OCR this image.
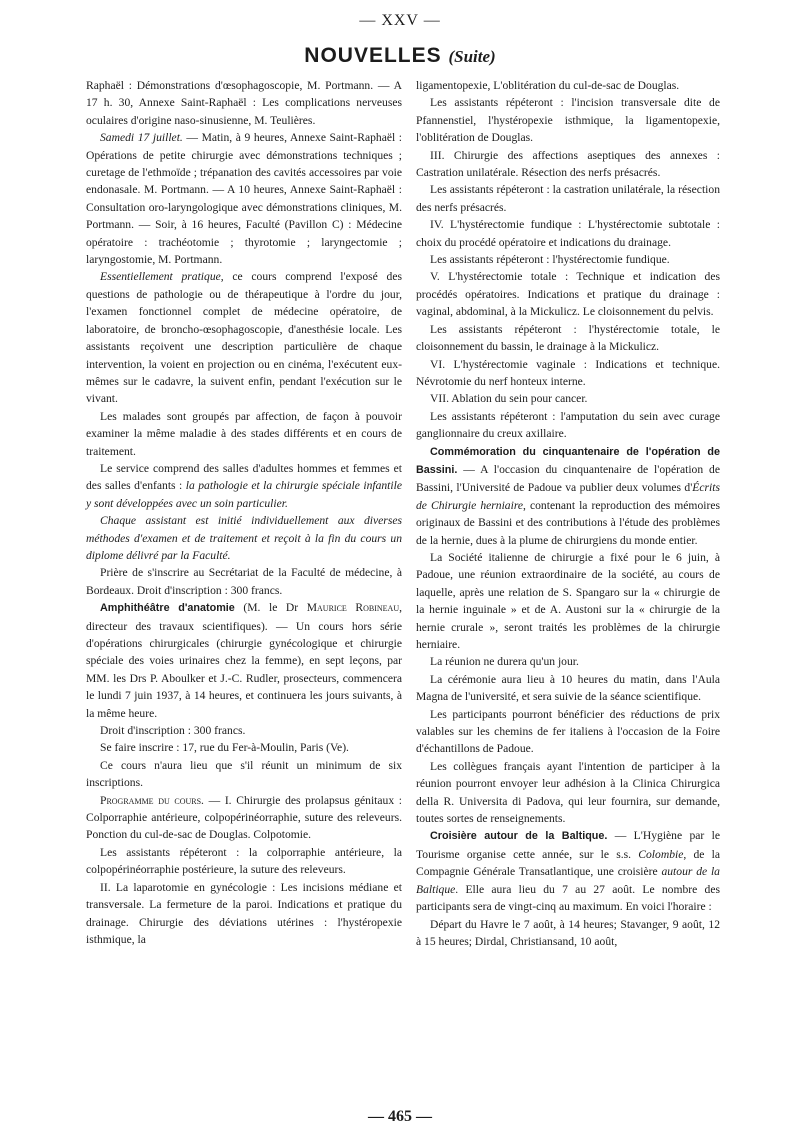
— XXV —
NOUVELLES (Suite)

Raphaël : Démonstrations d'œsophagoscopie, M. Portmann. — A 17 h. 30, Annexe Saint-Raphaël : Les complications nerveuses oculaires d'origine naso-sinusienne, M. Teulières.

Samedi 17 juillet. — Matin, à 9 heures, Annexe Saint-Raphaël : Opérations de petite chirurgie avec démonstrations techniques ; curetage de l'ethmoïde ; trépanation des cavités accessoires par voie endonasale. M. Portmann. — A 10 heures, Annexe Saint-Raphaël : Consultation oro-laryngologique avec démonstrations cliniques, M. Portmann. — Soir, à 16 heures, Faculté (Pavillon C) : Médecine opératoire : trachéotomie ; thyrotomie ; laryngectomie ; laryngostomie, M. Portmann.

Essentiellement pratique, ce cours comprend l'exposé des questions de pathologie ou de thérapeutique à l'ordre du jour, l'examen fonctionnel complet de médecine opératoire, de laboratoire, de broncho-œsophagoscopie, d'anesthésie locale. Les assistants reçoivent une description particulière de chaque intervention, la voient en projection ou en cinéma, l'exécutent eux-mêmes sur le cadavre, la suivent enfin, pendant l'exécution sur le vivant.

Les malades sont groupés par affection, de façon à pouvoir examiner la même maladie à des stades différents et en cours de traitement.

Le service comprend des salles d'adultes hommes et femmes et des salles d'enfants : la pathologie et la chirurgie spéciale infantile y sont développées avec un soin particulier.

Chaque assistant est initié individuellement aux diverses méthodes d'examen et de traitement et reçoit à la fin du cours un diplome délivré par la Faculté.

Prière de s'inscrire au Secrétariat de la Faculté de médecine, à Bordeaux. Droit d'inscription : 300 francs.

Amphithéâtre d'anatomie (M. le Dr Maurice Robineau, directeur des travaux scientifiques). — Un cours hors série d'opérations chirurgicales (chirurgie gynécologique et chirurgie spéciale des voies urinaires chez la femme), en sept leçons, par MM. les Drs P. Aboulker et J.-C. Rudler, prosecteurs, commencera le lundi 7 juin 1937, à 14 heures, et continuera les jours suivants, à la même heure.

Droit d'inscription : 300 francs.

Se faire inscrire : 17, rue du Fer-à-Moulin, Paris (Ve).

Ce cours n'aura lieu que s'il réunit un minimum de six inscriptions.

Programme du cours. — I. Chirurgie des prolapsus génitaux : Colporraphie antérieure, colpopérinéorraphie, suture des releveurs. Ponction du cul-de-sac de Douglas. Colpotomie.

Les assistants répéteront : la colporraphie antérieure, la colpopérinéorraphie postérieure, la suture des releveurs.

II. La laparotomie en gynécologie : Les incisions médiane et transversale. La fermeture de la paroi. Indications et pratique du drainage. Chirurgie des déviations utérines : l'hystéropexie isthmique, la

ligamentopexie, L'oblitération du cul-de-sac de Douglas.

Les assistants répéteront : l'incision transversale dite de Pfannenstiel, l'hystéropexie isthmique, la ligamentopexie, l'oblitération de Douglas.

III. Chirurgie des affections aseptiques des annexes : Castration unilatérale. Résection des nerfs présacrés.

Les assistants répéteront : la castration unilatérale, la résection des nerfs présacrés.

IV. L'hystérectomie fundique : L'hystérectomie subtotale : choix du procédé opératoire et indications du drainage.

Les assistants répéteront : l'hystérectomie fundique.

V. L'hystérectomie totale : Technique et indication des procédés opératoires. Indications et pratique du drainage : vaginal, abdominal, à la Mickulicz. Le cloisonnement du pelvis.

Les assistants répéteront : l'hystérectomie totale, le cloisonnement du bassin, le drainage à la Mickulicz.

VI. L'hystérectomie vaginale : Indications et technique. Névrotomie du nerf honteux interne.

VII. Ablation du sein pour cancer.

Les assistants répéteront : l'amputation du sein avec curage ganglionnaire du creux axillaire.

Commémoration du cinquantenaire de l'opération de Bassini. — A l'occasion du cinquantenaire de l'opération de Bassini, l'Université de Padoue va publier deux volumes d'Écrits de Chirurgie herniaire, contenant la reproduction des mémoires originaux de Bassini et des contributions à l'étude des problèmes de la hernie, dues à la plume de chirurgiens du monde entier.

La Société italienne de chirurgie a fixé pour le 6 juin, à Padoue, une réunion extraordinaire de la société, au cours de laquelle, après une relation de S. Spangaro sur la « chirurgie de la hernie inguinale » et de A. Austoni sur la « chirurgie de la hernie crurale », seront traités les problèmes de la chirurgie herniaire.

La réunion ne durera qu'un jour.

La cérémonie aura lieu à 10 heures du matin, dans l'Aula Magna de l'université, et sera suivie de la séance scientifique.

Les participants pourront bénéficier des réductions de prix valables sur les chemins de fer italiens à l'occasion de la Foire d'échantillons de Padoue.

Les collègues français ayant l'intention de participer à la réunion pourront envoyer leur adhésion à la Clinica Chirurgica della R. Universita di Padova, qui leur fournira, sur demande, toutes sortes de renseignements.

Croisière autour de la Baltique. — L'Hygiène par le Tourisme organise cette année, sur le s.s. Colombie, de la Compagnie Générale Transatlantique, une croisière autour de la Baltique. Elle aura lieu du 7 au 27 août. Le nombre des participants sera de vingt-cinq au maximum. En voici l'horaire :

Départ du Havre le 7 août, à 14 heures; Stavanger, 9 août, 12 à 15 heures; Dirdal, Christiansand, 10 août,

— 465 —
